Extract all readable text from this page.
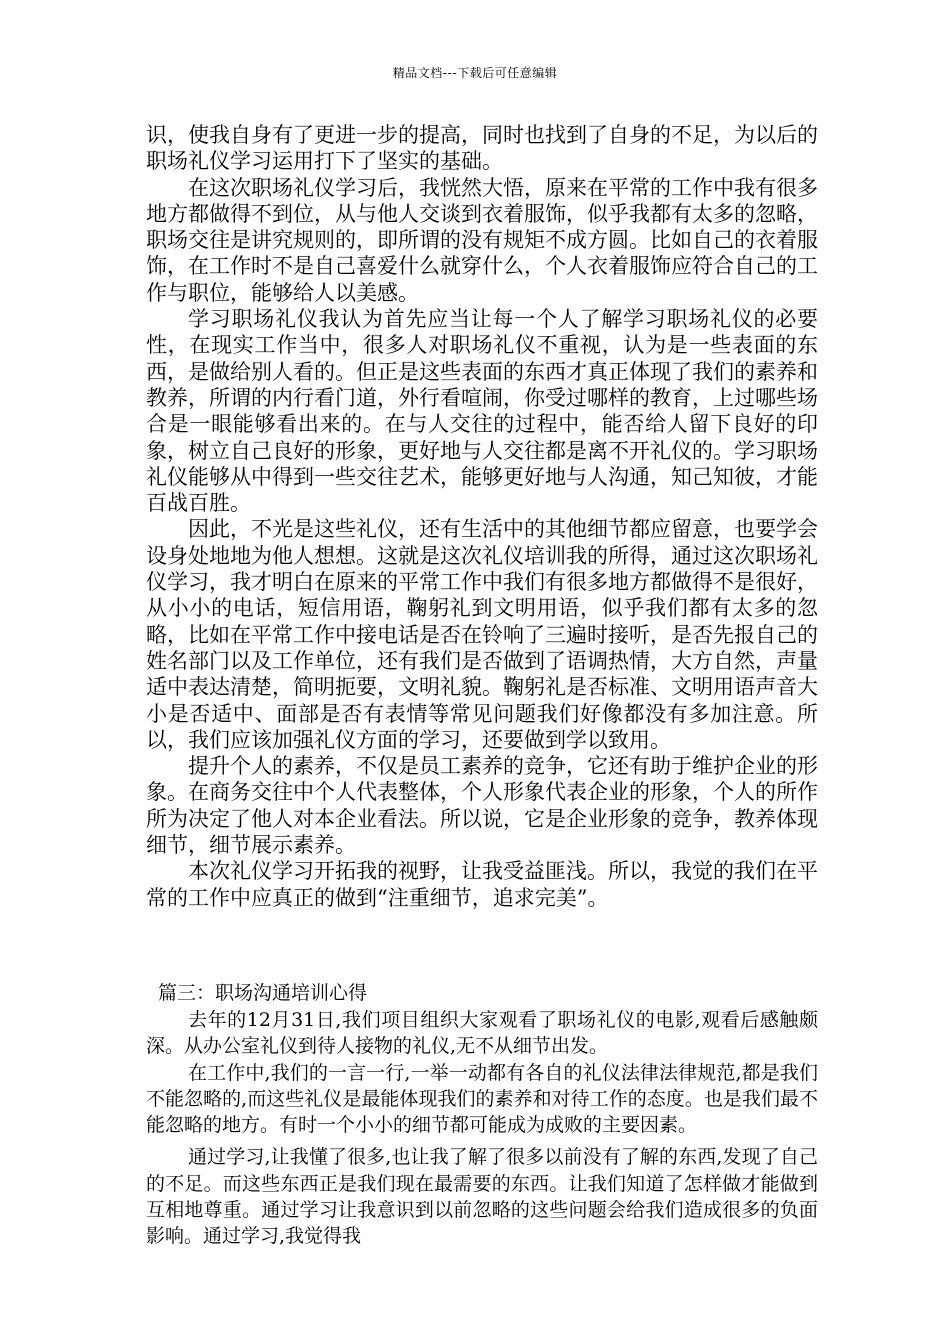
精品文档---下载后可任意编辑

识，使我自身有了更进一步的提高，同时也找到了自身的不足，为以后的职场礼仪学习运用打下了坚实的基础。

在这次职场礼仪学习后，我恍然大悟，原来在平常的工作中我有很多地方都做得不到位，从与他人交谈到衣着服饰，似乎我都有太多的忽略，职场交往是讲究规则的，即所谓的没有规矩不成方圆。比如自己的衣着服饰，在工作时不是自己喜爱什么就穿什么，个人衣着服饰应符合自己的工作与职位，能够给人以美感。

学习职场礼仪我认为首先应当让每一个人了解学习职场礼仪的必要性，在现实工作当中，很多人对职场礼仪不重视，认为是一些表面的东西，是做给别人看的。但正是这些表面的东西才真正体现了我们的素养和教养，所谓的内行看门道，外行看喧闹，你受过哪样的教育，上过哪些场合是一眼能够看出来的。在与人交往的过程中，能否给人留下良好的印象，树立自己良好的形象，更好地与人交往都是离不开礼仪的。学习职场礼仪能够从中得到一些交往艺术，能够更好地与人沟通，知己知彼，才能百战百胜。

因此，不光是这些礼仪，还有生活中的其他细节都应留意，也要学会设身处地地为他人想想。这就是这次礼仪培训我的所得，通过这次职场礼仪学习，我才明白在原来的平常工作中我们有很多地方都做得不是很好，从小小的电话，短信用语，鞠躬礼到文明用语，似乎我们都有太多的忽略，比如在平常工作中接电话是否在铃响了三遍时接听，是否先报自己的姓名部门以及工作单位，还有我们是否做到了语调热情，大方自然，声量适中表达清楚，简明扼要，文明礼貌。鞠躬礼是否标准、文明用语声音大小是否适中、面部是否有表情等常见问题我们好像都没有多加注意。所以，我们应该加强礼仪方面的学习，还要做到学以致用。

提升个人的素养，不仅是员工素养的竞争，它还有助于维护企业的形象。在商务交往中个人代表整体，个人形象代表企业的形象，个人的所作所为决定了他人对本企业看法。所以说，它是企业形象的竞争，教养体现细节，细节展示素养。

本次礼仪学习开拓我的视野，让我受益匪浅。所以，我觉的我们在平常的工作中应真正的做到“注重细节，追求完美”。

篇三：职场沟通培训心得

去年的12月31日,我们项目组织大家观看了职场礼仪的电影,观看后感触颇深。从办公室礼仪到待人接物的礼仪,无不从细节出发。

在工作中,我们的一言一行,一举一动都有各自的礼仪法律法律规范,都是我们不能忽略的,而这些礼仪是最能体现我们的素养和对待工作的态度。也是我们最不能忽略的地方。有时一个小小的细节都可能成为成败的主要因素。

通过学习,让我懂了很多,也让我了解了很多以前没有了解的东西,发现了自己的不足。而这些东西正是我们现在最需要的东西。让我们知道了怎样做才能做到互相地尊重。通过学习让我意识到以前忽略的这些问题会给我们造成很多的负面影响。通过学习,我觉得我
